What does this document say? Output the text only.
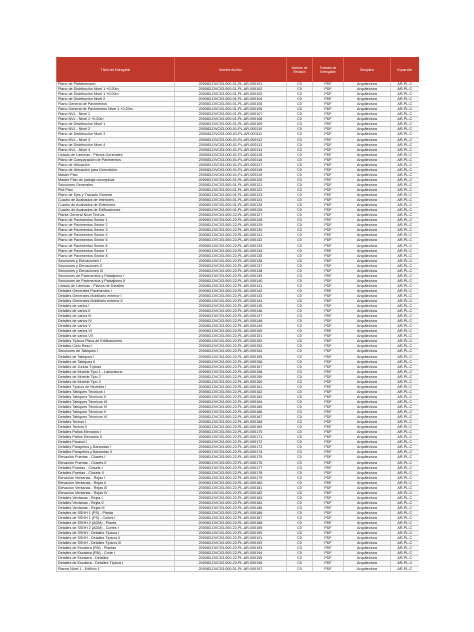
Título del Entregable	Nombre Archivo	Número de Revisión	Formato de Entregable	Disciplina	Expansión
Plano de Plataformado	200083-DVC03-000-01-PL-AR-000101	C0	PDF	Arquitectura	AR-PL-C
Plano de Distribución Nivel 1 +0.20m	200083-DVC03-000-01-PL-AR-000102	C0	PDF	Arquitectura	AR-PL-C
Plano de Distribución Nivel 1 +0.00m	200083-DVC03-000-01-PL-AR-000103	C0	PDF	Arquitectura	AR-PL-C
Plano de Distribución Nivel 2	200083-DVC03-000-01-PL-AR-000104	C0	PDF	Arquitectura	AR-PL-C
Plano General de Pavimentos	200083-DVC03-000-01-PL-AR-000105	C0	PDF	Arquitectura	AR-PL-C
Plano General de Pavimentos Nivel 1 +0.20m	200083-DVC03-000-01-PL-AR-000106	C0	PDF	Arquitectura	AR-PL-C
Plano NVL - Nivel 1	200083-DVC03-000-01-PL-AR-000107	C0	PDF	Arquitectura	AR-PL-C
Plano NVL - Nivel 1 +0.20m	200083-DVC03-000-01-PL-AR-000108	C0	PDF	Arquitectura	AR-PL-C
Plano de Distribución Nivel 1	200083-DVC03-000-01-PL-AR-000109	C0	PDF	Arquitectura	AR-PL-C
Plano NVL - Nivel 2	200083-DVC03-000-01-PL-AR-000110	C0	PDF	Arquitectura	AR-PL-C
Plano de Distribución Nivel 3	200083-DVC03-000-01-PL-AR-000111	C0	PDF	Arquitectura	AR-PL-C
Plano NVL - Nivel 3	200083-DVC03-000-01-PL-AR-000112	C0	PDF	Arquitectura	AR-PL-C
Plano de Distribución Nivel 4	200083-DVC03-000-01-PL-AR-000113	C0	PDF	Arquitectura	AR-PL-C
Plano NVL - Nivel 4	200083-DVC03-000-01-PL-AR-000114	C0	PDF	Arquitectura	AR-PL-C
Listado de Láminas - Planos Generales	200083-DVC03-000-01-PL-AR-000115	C0	PDF	Arquitectura	AR-PL-C
Plano de Comparación de Pavimentos	200083-DVC03-000-01-PL-AR-000116	C0	PDF	Arquitectura	AR-PL-C
Plano de Ubicación	200083-DVC03-000-01-PL-AR-000117	C0	PDF	Arquitectura	AR-PL-C
Plano de Ubicación para Demolición	200083-DVC03-000-01-PL-AR-000118	C0	PDF	Arquitectura	AR-PL-C
Master Plan	200083-DVC03-000-01-PL-AR-000119	C0	PDF	Arquitectura	AR-PL-C
Master Plan de paisaje conceptual	200083-DVC03-000-01-PL-AR-000120	C0	PDF	Arquitectura	AR-PL-C
Secciones Generales	200083-DVC03-000-01-PL-AR-000121	C0	PDF	Arquitectura	AR-PL-C
Plot Plan	200083-DVC03-000-01-PL-AR-000122	C0	PDF	Arquitectura	AR-PL-C
Plano de Ejes y Trazado General	200083-DVC03-000-01-PL-AR-000123	C0	PDF	Arquitectura	AR-PL-C
Cuadro de Acabados de Interiores	200083-DVC03-000-01-PL-AR-000124	C0	PDF	Arquitectura	AR-PL-C
Cuadro de Acabados de Exteriores	200083-DVC03-000-01-PL-AR-000125	C0	PDF	Arquitectura	AR-PL-C
Cuadro de Acabados de Edificaciones	200083-DVC03-000-01-PL-AR-000126	C0	PDF	Arquitectura	AR-PL-C
Planta General Nivel Techos	200083-DVC03-000-22-PL-AR-000127	C0	PDF	Arquitectura	AR-PL-C
Plano de Pavimentos Sector 1	200083-DVC03-000-22-PL-AR-000128	C0	PDF	Arquitectura	AR-PL-C
Plano de Pavimentos Sector 2	200083-DVC03-000-22-PL-AR-000129	C0	PDF	Arquitectura	AR-PL-C
Plano de Pavimentos Sector 3	200083-DVC03-000-22-PL-AR-000130	C0	PDF	Arquitectura	AR-PL-C
Plano de Pavimentos Sector 4	200083-DVC03-000-22-PL-AR-000131	C0	PDF	Arquitectura	AR-PL-C
Plano de Pavimentos Sector 5	200083-DVC03-000-22-PL-AR-000132	C0	PDF	Arquitectura	AR-PL-C
Plano de Pavimentos Sector 6	200083-DVC03-000-22-PL-AR-000133	C0	PDF	Arquitectura	AR-PL-C
Plano de Pavimentos Sector 7	200083-DVC03-000-22-PL-AR-000134	C0	PDF	Arquitectura	AR-PL-C
Plano de Pavimentos Sector 8	200083-DVC03-000-22-PL-AR-000135	C0	PDF	Arquitectura	AR-PL-C
Secciones y Elevaciones I	200083-DVC03-000-22-PL-AR-000136	C0	PDF	Arquitectura	AR-PL-C
Secciones y Elevaciones II	200083-DVC03-000-22-PL-AR-000137	C0	PDF	Arquitectura	AR-PL-C
Secciones y Elevaciones III	200083-DVC03-000-22-PL-AR-000138	C0	PDF	Arquitectura	AR-PL-C
Secciones de Pavimentos y Paisajismo I	200083-DVC03-000-22-PL-AR-000139	C0	PDF	Arquitectura	AR-PL-C
Secciones de Pavimentos y Paisajismo II	200083-DVC03-000-22-PL-AR-000140	C0	PDF	Arquitectura	AR-PL-C
Listado de Láminas - Planos de Detalles	200083-DVC03-000-22-PL-AR-000141	C0	PDF	Arquitectura	AR-PL-C
Detalles Generales Pavimentos I	200083-DVC03-000-22-PL-AR-000142	C0	PDF	Arquitectura	AR-PL-C
Detalles Generales Mobiliario exterior I	200083-DVC03-000-22-PL-AR-000143	C0	PDF	Arquitectura	AR-PL-C
Detalles Generales Mobiliario exterior II	200083-DVC03-000-22-PL-AR-000144	C0	PDF	Arquitectura	AR-PL-C
Detalles de varios I	200083-DVC03-000-22-PL-AR-000145	C0	PDF	Arquitectura	AR-PL-C
Detalles de varios II	200083-DVC03-000-22-PL-AR-000146	C0	PDF	Arquitectura	AR-PL-C
Detalles de varios III	200083-DVC03-000-22-PL-AR-000147	C0	PDF	Arquitectura	AR-PL-C
Detalles de varios IV	200083-DVC03-000-22-PL-AR-000148	C0	PDF	Arquitectura	AR-PL-C
Detalles de varios V	200083-DVC03-000-22-PL-AR-000149	C0	PDF	Arquitectura	AR-PL-C
Detalles de varios VI	200083-DVC03-000-22-PL-AR-000150	C0	PDF	Arquitectura	AR-PL-C
Detalles de varios VII	200083-DVC03-000-22-PL-AR-000151	C0	PDF	Arquitectura	AR-PL-C
Detalles Típicos Pisos de Edificaciones	200083-DVC03-000-22-PL-AR-000152	C0	PDF	Arquitectura	AR-PL-C
Detalles Cielo Raso I	200083-DVC03-000-22-PL-AR-000153	C0	PDF	Arquitectura	AR-PL-C
Secciones de Tabiques I	200083-DVC03-000-22-PL-AR-000154	C0	PDF	Arquitectura	AR-PL-C
Detalles de Tabiques I	200083-DVC03-000-22-PL-AR-000155	C0	PDF	Arquitectura	AR-PL-C
Detalles de Tabiques II	200083-DVC03-000-22-PL-AR-000156	C0	PDF	Arquitectura	AR-PL-C
Detalles de Juntas Típicas	200083-DVC03-000-22-PL-AR-000157	C0	PDF	Arquitectura	AR-PL-C
Detalles de Mueble Tipo 1 - Laboratorio	200083-DVC03-000-22-PL-AR-000158	C0	PDF	Arquitectura	AR-PL-C
Detalles de Mueble Tipo 2	200083-DVC03-000-22-PL-AR-000159	C0	PDF	Arquitectura	AR-PL-C
Detalles de Mueble Tipo 3	200083-DVC03-000-22-PL-AR-000160	C0	PDF	Arquitectura	AR-PL-C
Detalles Típicos de Muebles I	200083-DVC03-000-22-PL-AR-000161	C0	PDF	Arquitectura	AR-PL-C
Detalles Tabiques Técnicos I	200083-DVC03-000-22-PL-AR-000162	C0	PDF	Arquitectura	AR-PL-C
Detalles Tabiques Técnicos II	200083-DVC03-000-22-PL-AR-000163	C0	PDF	Arquitectura	AR-PL-C
Detalles Tabiques Técnicos III	200083-DVC03-000-22-PL-AR-000164	C0	PDF	Arquitectura	AR-PL-C
Detalles Tabiques Técnicos IV	200083-DVC03-000-22-PL-AR-000165	C0	PDF	Arquitectura	AR-PL-C
Detalles Tabiques Técnicos V	200083-DVC03-000-22-PL-AR-000166	C0	PDF	Arquitectura	AR-PL-C
Detalles Tabiques Técnicos VI	200083-DVC03-000-22-PL-AR-000167	C0	PDF	Arquitectura	AR-PL-C
Detalles Techos I	200083-DVC03-000-22-PL-AR-000168	C0	PDF	Arquitectura	AR-PL-C
Detalles Techos II	200083-DVC03-000-22-PL-AR-000169	C0	PDF	Arquitectura	AR-PL-C
Detalles Patios Elevados I	200083-DVC03-000-22-PL-AR-000170	C0	PDF	Arquitectura	AR-PL-C
Detalles Patios Elevados II	200083-DVC03-000-22-PL-AR-000171	C0	PDF	Arquitectura	AR-PL-C
Detalles Parasol I	200083-DVC03-000-22-PL-AR-000172	C0	PDF	Arquitectura	AR-PL-C
Detalles Parapetos y Barandas I	200083-DVC03-000-22-PL-AR-000173	C0	PDF	Arquitectura	AR-PL-C
Detalles Parapetos y Barandas II	200083-DVC03-000-22-PL-AR-000174	C0	PDF	Arquitectura	AR-PL-C
Elevación Puertas - Closets I	200083-DVC03-000-22-PL-AR-000175	C0	PDF	Arquitectura	AR-PL-C
Elevación Puertas - Closets II	200083-DVC03-000-22-PL-AR-000176	C0	PDF	Arquitectura	AR-PL-C
Detalles Puertas - Closets I	200083-DVC03-000-22-PL-AR-000177	C0	PDF	Arquitectura	AR-PL-C
Detalles Puertas - Closets II	200083-DVC03-000-22-PL-AR-000178	C0	PDF	Arquitectura	AR-PL-C
Elevación Ventanas - Rejas I	200083-DVC03-000-22-PL-AR-000179	C0	PDF	Arquitectura	AR-PL-C
Elevación Ventanas - Rejas II	200083-DVC03-000-22-PL-AR-000180	C0	PDF	Arquitectura	AR-PL-C
Elevación Ventanas - Rejas III	200083-DVC03-000-22-PL-AR-000181	C0	PDF	Arquitectura	AR-PL-C
Elevación Ventanas - Rejas IV	200083-DVC03-000-22-PL-AR-000182	C0	PDF	Arquitectura	AR-PL-C
Detalles Ventanas - Rejas I	200083-DVC03-000-22-PL-AR-000183	C0	PDF	Arquitectura	AR-PL-C
Detalles Ventanas - Rejas II	200083-DVC03-000-22-PL-AR-000184	C0	PDF	Arquitectura	AR-PL-C
Detalles Ventanas - Rejas III	200083-DVC03-000-22-PL-AR-000185	C0	PDF	Arquitectura	AR-PL-C
Detalles de SSHH 1 (PS) - Planta	200083-DVC03-000-22-PL-AR-000186	C0	PDF	Arquitectura	AR-PL-C
Detalles de SSHH 1 (PS) - Cortes I	200083-DVC03-000-22-PL-AR-000187	C0	PDF	Arquitectura	AR-PL-C
Detalles de SSHH 2 (ADM) - Planta	200083-DVC03-000-22-PL-AR-000188	C0	PDF	Arquitectura	AR-PL-C
Detalles de SSHH 2 (ADM) - Cortes I	200083-DVC03-000-22-PL-AR-000189	C0	PDF	Arquitectura	AR-PL-C
Detalles de SSHH - Detalles Típicos I	200083-DVC03-000-22-PL-AR-000190	C0	PDF	Arquitectura	AR-PL-C
Detalles de SSHH - Detalles Típicos II	200083-DVC03-000-22-PL-AR-000191	C0	PDF	Arquitectura	AR-PL-C
Detalles de SSHH - Detalles Típicos III	200083-DVC03-000-22-PL-AR-000192	C0	PDF	Arquitectura	AR-PL-C
Detalles de Escalera (RN) - Plantas	200083-DVC03-000-22-PL-AR-000193	C0	PDF	Arquitectura	AR-PL-C
Detalles de Escalera (RN) - Corte I	200083-DVC03-000-22-PL-AR-000194	C0	PDF	Arquitectura	AR-PL-C
Detalles de Escalera - Detalles	200083-DVC03-000-22-PL-AR-000195	C0	PDF	Arquitectura	AR-PL-C
Detalles de Escalera - Detalles Típicos I	200083-DVC03-000-22-PL-AR-000196	C0	PDF	Arquitectura	AR-PL-C
Planos Nivel 1 - Edificio 1	200083-DVC03-000-01-PL-AR-000197	C0	PDF	Arquitectura	AR-PL-C
